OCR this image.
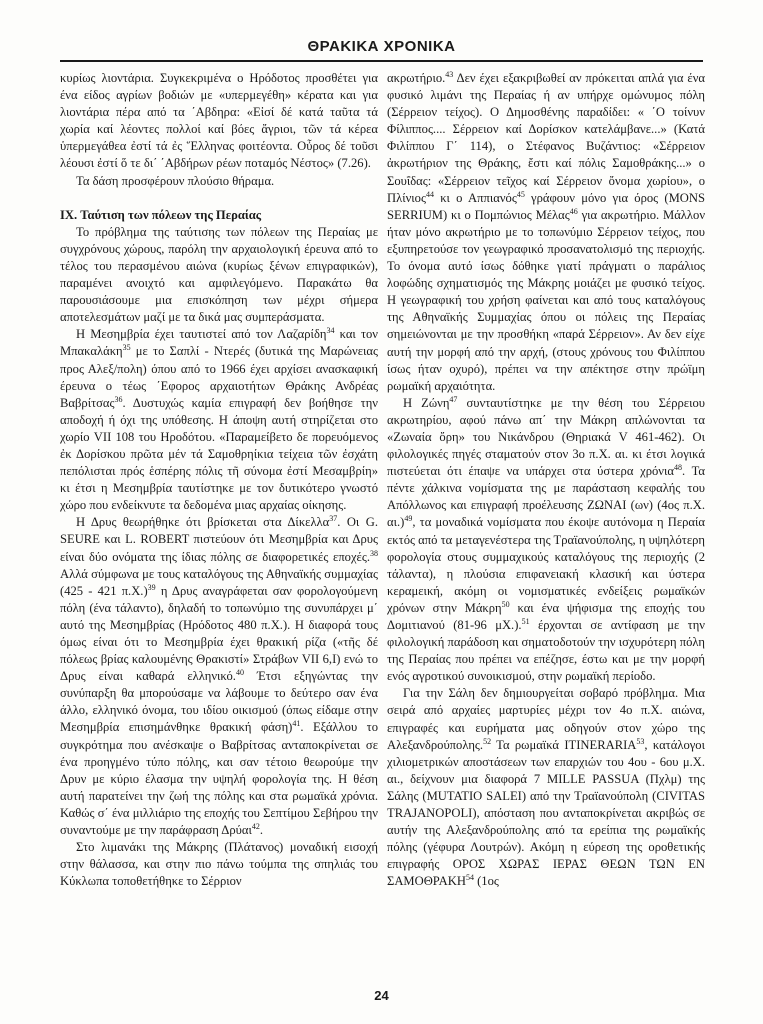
ΘΡΑΚΙΚΑ ΧΡΟΝΙΚΑ

κυρίως λιοντάρια. Συγκεκριμένα ο Ηρόδοτος προσθέτει για ένα είδος αγρίων βοδιών με «υπερμεγέθη» κέρατα και για λιοντάρια πέρα από τα ΄Αβδηρα: «Εἰσί δέ κατά ταῦτα τά χωρία καί λέοντες πολλοί καί βόες ἄγριοι, τῶν τά κέρεα ὑπερμεγάθεα ἐστί τά ἐς Ἕλληνας φοιτέοντα. Οὖρος δέ τοῦσι λέουσι ἐστί ὅ τε δι΄ ΄Αβδήρων ρέων ποταμός Νέστος» (7.26).

Τα δάση προσφέρουν πλούσιο θήραμα.

IX. Ταύτιση των πόλεων της Περαίας

Το πρόβλημα της ταύτισης των πόλεων της Περαίας με συγχρόνους χώρους, παρόλη την αρχαιολογική έρευνα από το τέλος του περασμένου αιώνα (κυρίως ξένων επιγραφικών), παραμένει ανοιχτό και αμφιλεγόμενο. Παρακάτω θα παρουσιάσουμε μια επισκόπηση των μέχρι σήμερα αποτελεσμάτων μαζί με τα δικά μας συμπεράσματα.

Η Μεσημβρία έχει ταυτιστεί από τον Λαζαρίδη$^{34}$ και τον Μπακαλάκη$^{35}$ με το Σαπλί - Ντερές (δυτικά της Μαρώνειας προς Αλεξ/πολη) όπου από το 1966 έχει αρχίσει ανασκαφική έρευνα ο τέως ΄Εφορος αρχαιοτήτων Θράκης Ανδρέας Βαβρίτσας$^{36}$. Δυστυχώς καμία επιγραφή δεν βοήθησε την αποδοχή ή όχι της υπόθεσης. Η άποψη αυτή στηρίζεται στο χωρίο VII 108 του Ηροδότου. «Παραμείβετο δε πορευόμενος ἐκ Δορίσκου πρῶτα μέν τά Σαμοθρηίκια τείχεια τῶν ἐσχάτη πεπόλισται πρός ἑσπέρης πόλις τῆ σύνομα ἐστί Μεσαμβρίη» κι έτσι η Μεσημβρία ταυτίστηκε με τον δυτικότερο γνωστό χώρο που ενδείκνυτε τα δεδομένα μιας αρχαίας οίκησης.

Η Δρυς θεωρήθηκε ότι βρίσκεται στα Δίκελλα$^{37}$. Οι G. SEURE και L. ROBERT πιστεύουν ότι Μεσημβρία και Δρυς είναι δύο ονόματα της ίδιας πόλης σε διαφορετικές εποχές.$^{38}$ Αλλά σύμφωνα με τους καταλόγους της Αθηναϊκής συμμαχίας (425 - 421 π.Χ.)$^{39}$ η Δρυς αναγράφεται σαν φορολογούμενη πόλη (ένα τάλαντο), δηλαδή το τοπωνύμιο της συνυπάρχει μ΄ αυτό της Μεσημβρίας (Ηρόδοτος 480 π.Χ.). Η διαφορά τους όμως είναι ότι το Μεσημβρία έχει θρακική ρίζα («τῆς δέ πόλεως βρίας καλουμένης Θρακιστί» Στράβων VII 6,I) ενώ το Δρυς είναι καθαρά ελληνικό.$^{40}$ Έτσι εξηγώντας την συνύπαρξη θα μπορούσαμε να λάβουμε το δεύτερο σαν ένα άλλο, ελληνικό όνομα, του ιδίου οικισμού (όπως είδαμε στην Μεσημβρία επισημάνθηκε θρακική φάση)$^{41}$. Εξάλλου το συγκρότημα που ανέσκαψε ο Βαβρίτσας ανταποκρίνεται σε ένα προηγμένο τύπο πόλης, και σαν τέτοιο θεωρούμε την Δρυν με κύριο έλασμα την υψηλή φορολογία της. Η θέση αυτή παρατείνει την ζωή της πόλης και στα ρωμαϊκά χρόνια. Καθώς σ΄ ένα μιλλιάριο της εποχής του Σεπτίμου Σεβήρου την συναντούμε με την παράφραση Δρύαι$^{42}$.

Στο λιμανάκι της Μάκρης (Πλάτανος) μοναδική εισοχή στην θάλασσα, και στην πιο πάνω τούμπα της σπηλιάς του Κύκλωπα τοποθετήθηκε το Σέρριον

ακρωτήριο.$^{43}$ Δεν έχει εξακριβωθεί αν πρόκειται απλά για ένα φυσικό λιμάνι της Περαίας ή αν υπήρχε ομώνυμος πόλη (Σέρρειον τείχος). Ο Δημοσθένης παραδίδει: « ΄Ο τοίνυν Φίλιππος.... Σέρρειον καί Δορίσκον κατελάμβανε...» (Κατά Φιλίππου Γ΄ 114), ο Στέφανος Βυζάντιος: «Σέρρειον ἀκρωτήριον της Θράκης, ἔστι καί πόλις Σαμοθράκης...» ο Σουΐδας: «Σέρρειον τεῖχος καί Σέρρειον ὄνομα χωρίου», ο Πλίνιος$^{44}$ κι ο Αππιανός$^{45}$ γράφουν μόνο για όρος (MONS SERRIUM) κι ο Πομπώνιος Μέλας$^{46}$ για ακρωτήριο. Μάλλον ήταν μόνο ακρωτήριο με το τοπωνύμιο Σέρρειον τείχος, που εξυπηρετούσε τον γεωγραφικό προσανατολισμό της περιοχής. Το όνομα αυτό ίσως δόθηκε γιατί πράγματι ο παράλιος λοφώδης σχηματισμός της Μάκρης μοιάζει με φυσικό τείχος. Η γεωγραφική του χρήση φαίνεται και από τους καταλόγους της Αθηναϊκής Συμμαχίας όπου οι πόλεις της Περαίας σημειώνονται με την προσθήκη «παρά Σέρρειον». Αν δεν είχε αυτή την μορφή από την αρχή, (στους χρόνους του Φιλίππου ίσως ήταν οχυρό), πρέπει να την απέκτησε στην πρώϊμη ρωμαϊκή αρχαιότητα.

Η Ζώνη$^{47}$ συνταυτίστηκε με την θέση του Σέρρειου ακρωτηρίου, αφού πάνω απ΄ την Μάκρη απλώνονται τα «Ζωναία ὄρη» του Νικάνδρου (Θηριακά V 461-462). Οι φιλολογικές πηγές σταματούν στον 3ο π.Χ. αι. κι έτσι λογικά πιστεύεται ότι έπαψε να υπάρχει στα ύστερα χρόνια$^{48}$. Τα πέντε χάλκινα νομίσματα της με παράσταση κεφαλής του Απόλλωνος και επιγραφή προέλευσης ΖΩΝΑΙ (ων) (4ος π.Χ. αι.)$^{49}$, τα μοναδικά νομίσματα που έκοψε αυτόνομα η Περαία εκτός από τα μεταγενέστερα της Τραϊανούπολης, η υψηλότερη φορολογία στους συμμαχικούς καταλόγους της περιοχής (2 τάλαντα), η πλούσια επιφανειακή κλασική και ύστερα κεραμεική, ακόμη οι νομισματικές ενδείξεις ρωμαϊκών χρόνων στην Μάκρη$^{50}$ και ένα ψήφισμα της εποχής του Δομιτιανού (81-96 μΧ.).$^{51}$ έρχονται σε αντίφαση με την φιλολογική παράδοση και σηματοδοτούν την ισχυρότερη πόλη της Περαίας που πρέπει να επέζησε, έστω και με την μορφή ενός αγροτικού συνοικισμού, στην ρωμαϊκή περίοδο.

Για την Σάλη δεν δημιουργείται σοβαρό πρόβλημα. Μια σειρά από αρχαίες μαρτυρίες μέχρι τον 4ο π.Χ. αιώνα, επιγραφές και ευρήματα μας οδηγούν στον χώρο της Αλεξανδρούπολης.$^{52}$ Τα ρωμαϊκά ITINERARIA$^{53}$, κατάλογοι χιλιομετρικών αποστάσεων των επαρχιών του 4ου - 6ου μ.Χ. αι., δείχνουν μια διαφορά 7 MILLE PASSUA (Πχλμ) της Σάλης (MUTATIO SALEI) από την Τραϊανούπολη (CIVITAS TRAJANOPOLI), απόσταση που ανταποκρίνεται ακριβώς σε αυτήν της Αλεξανδρούπολης από τα ερείπια της ρωμαϊκής πόλης (γέφυρα Λουτρών). Ακόμη η εύρεση της οροθετικής επιγραφής ΟΡΟΣ ΧΩΡΑΣ ΙΕΡΑΣ ΘΕΩΝ ΤΩΝ ΕΝ ΣΑΜΟΘΡΑΚΗ$^{54}$ (1ος

24
